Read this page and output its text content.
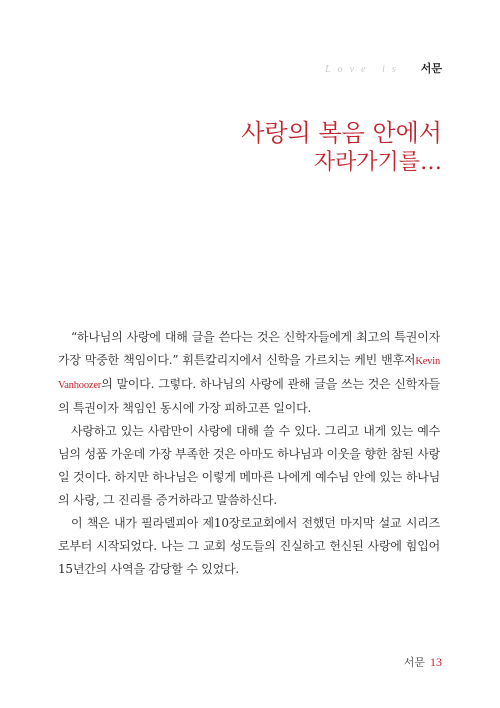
Love is 서문
사랑의 복음 안에서
자라가기를…

“하나님의 사랑에 대해 글을 쓴다는 것은 신학자들에게 최고의 특권이자 가장 막중한 책임이다.” 휘튼칼리지에서 신학을 가르치는 케빈 밴후저Kevin Vanhoozer의 말이다. 그렇다. 하나님의 사랑에 관해 글을 쓰는 것은 신학자들의 특권이자 책임인 동시에 가장 피하고픈 일이다.

사랑하고 있는 사람만이 사랑에 대해 쓸 수 있다. 그리고 내게 있는 예수님의 성품 가운데 가장 부족한 것은 아마도 하나님과 이웃을 향한 참된 사랑일 것이다. 하지만 하나님은 이렇게 메마른 나에게 예수님 안에 있는 하나님의 사랑, 그 진리를 증거하라고 말씀하신다.

이 책은 내가 필라델피아 제10장로교회에서 전했던 마지막 설교 시리즈로부터 시작되었다. 나는 그 교회 성도들의 진실하고 헌신된 사랑에 힘입어 15년간의 사역을 감당할 수 있었다.

서문 13
